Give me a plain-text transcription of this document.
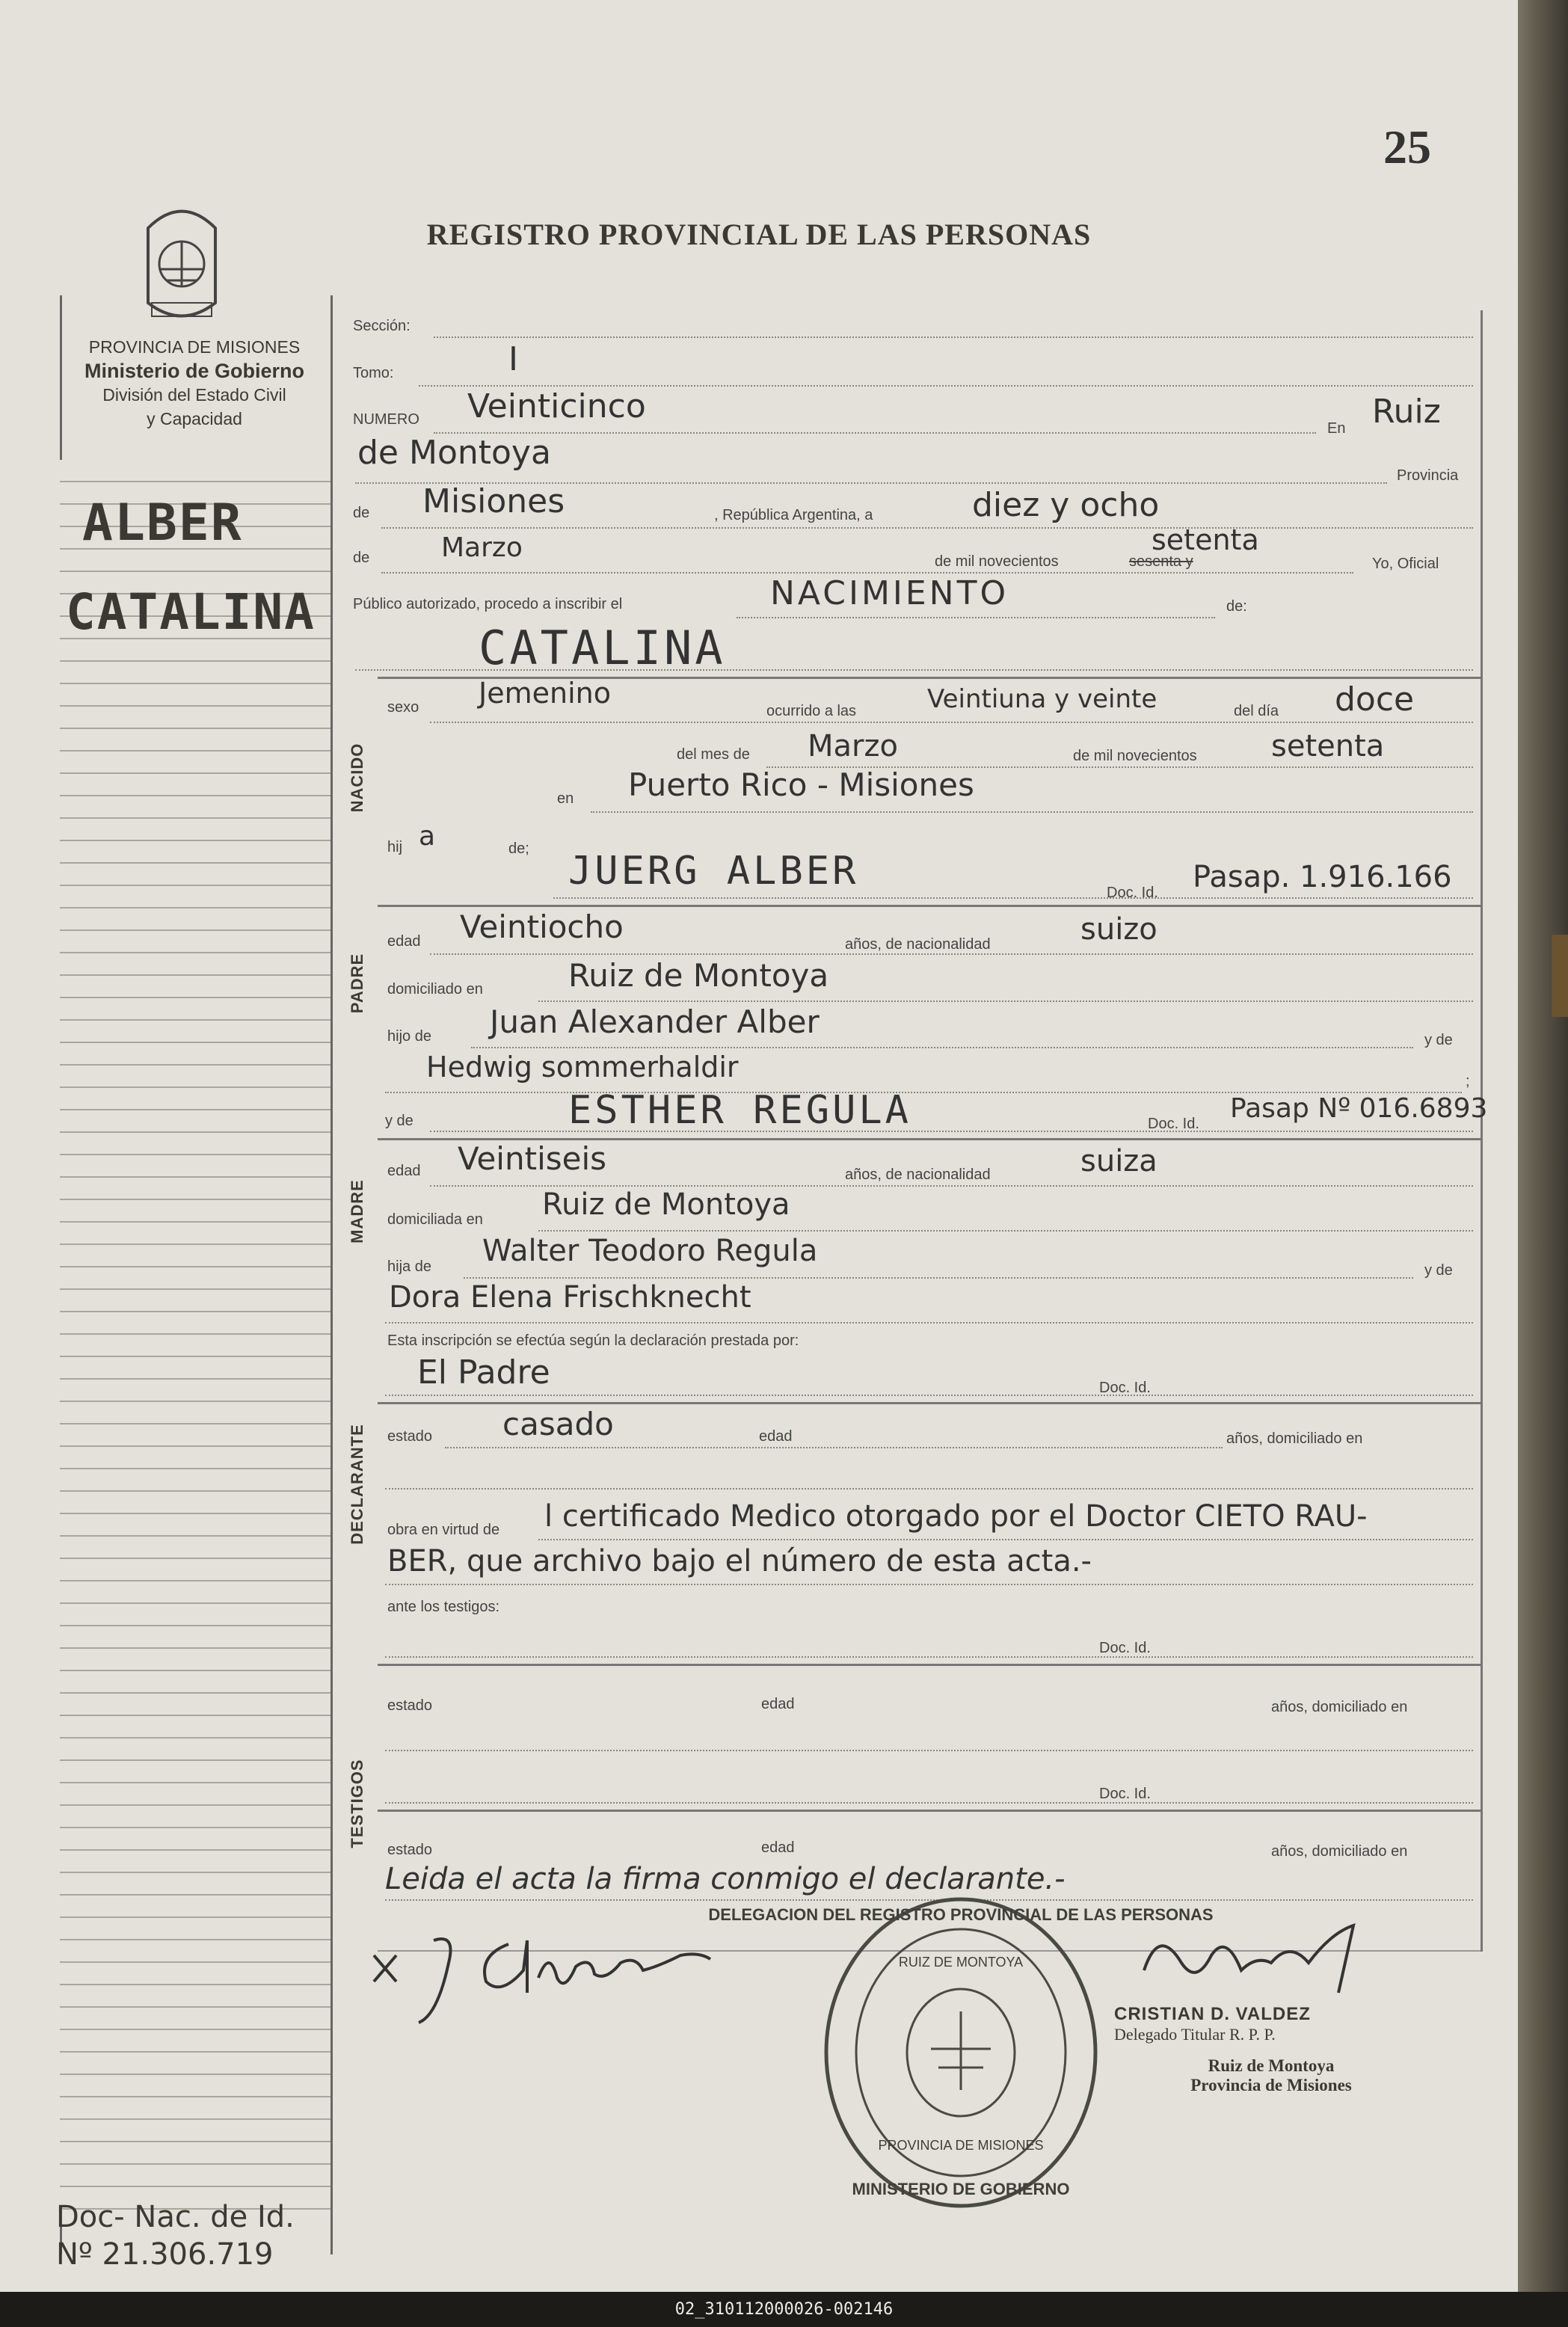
25
REGISTRO PROVINCIAL DE LAS PERSONAS
PROVINCIA DE MISIONES
Ministerio de Gobierno
División del Estado Civil
y Capacidad
ALBER
CATALINA
Doc- Nac. de Id.
Nº 21.306.719
Sección:
Tomo:	I
NUMERO Veinticinco
En Ruiz
de Montoya
Provincia
de Misiones	, República Argentina, a	diez y ocho
de	Marzo	de mil novecientos
setenta
sesenta y	Yo, Oficial
Público autorizado, procedo a inscribir el	NACIMIENTO	de:
CATALINA
NACIDO
sexo Jemenino
ocurrido a las	Veintiuna y veinte	del día doce
del mes de Marzo	de mil novecientos setenta
en Puerto Rico - Misiones
hij a	de; JUERG ALBER	Doc. Id. Pasap. 1.916.166
PADRE
edad Veintiocho	años, de nacionalidad	suizo
domiciliado en	Ruiz de Montoya
hijo de Juan Alexander Alber	y de
Hedwig sommerhaldir	;
y de	ESTHER REGULA	Doc. Id. Pasap Nº 016.6893
MADRE
edad Veintiseis	años, de nacionalidad	suiza
domiciliada en Ruiz de Montoya
hija de Walter Teodoro Regula
y de
Dora Elena Frischknecht
Esta inscripción se efectúa según la declaración prestada por:
El Padre	Doc. Id.
DECLARANTE estado casado	edad	años, domiciliado en
obra en virtud de l certificado Medico otorgado por el Doctor CIETO RAU-
BER, que archivo bajo el número de esta acta.-
ante los testigos:
Doc. Id.
TESTIGOS
estado	edad	años, domiciliado en
Doc. Id.
estado	edad	años, domiciliado en
Leida el acta la firma conmigo el declarante.-
DELEGACION DEL REGISTRO PROVINCIAL DE LAS PERSONAS
RUIZ DE MONTOYA
PROVINCIA DE MISIONES
MINISTERIO DE GOBIERNO
CRISTIAN D. VALDEZ
Delegado Titular R. P. P.
Ruiz de Montoya
Provincia de Misiones
02_310112000026-002146
